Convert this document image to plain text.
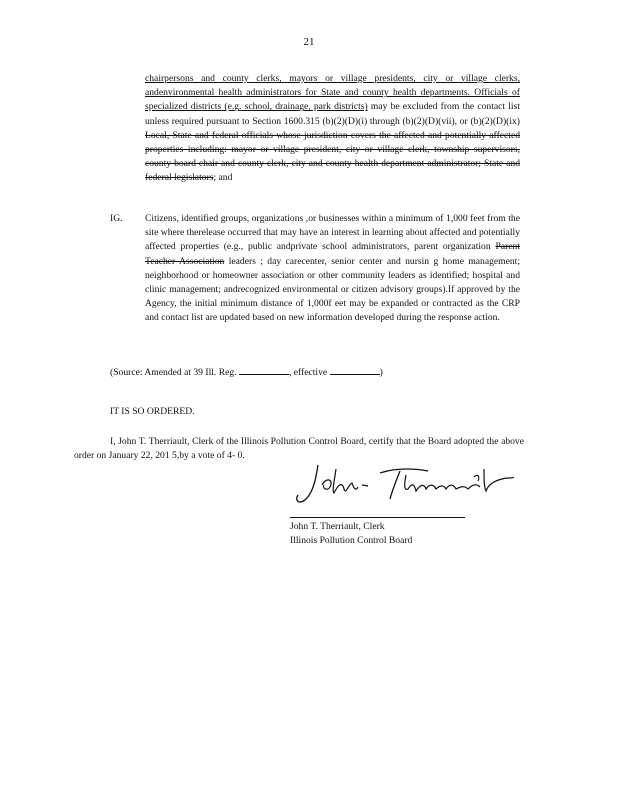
21
chairpersons and county clerks, mayors or village presidents, city or village clerks, andenvironmental health administrators for State and county health departments. Officials of specialized districts (e.g. school, drainage, park districts) may be excluded from the contact list unless required pursuant to Section 1600.315 (b)(2)(D)(i) through (b)(2)(D)(vii), or (b)(2)(D)(ix) Local, State and federal officials whose jurisdiction covers the affected and potentially affected properties including: mayor or village president, city or village clerk, township supervisors, county board chair and county clerk, city and county health department administrator; State and federal legislators; and
IG. Citizens, identified groups, organizations ,or businesses within a minimum of 1,000 feet from the site where therelease occurred that may have an interest in learning about affected and potentially affected properties (e.g., public andprivate school administrators, parent organization Parent Teacher Association leaders ; day carecenter, senior center and nursin g home management; neighborhood or homeowner association or other community leaders as identified; hospital and clinic management; andrecognized environmental or citizen advisory groups).If approved by the Agency, the initial minimum distance of 1,000f eet may be expanded or contracted as the CRP and contact list are updated based on new information developed during the response action.
(Source: Amended at 39 Ill. Reg.	, effective	)
IT IS SO ORDERED.
I, John T. Therriault, Clerk of the Illinois Pollution Control Board, certify that the Board adopted the above order on January 22, 201 5,by a vote of 4- 0.
John T. Therriault, Clerk
Illinois Pollution Control Board
